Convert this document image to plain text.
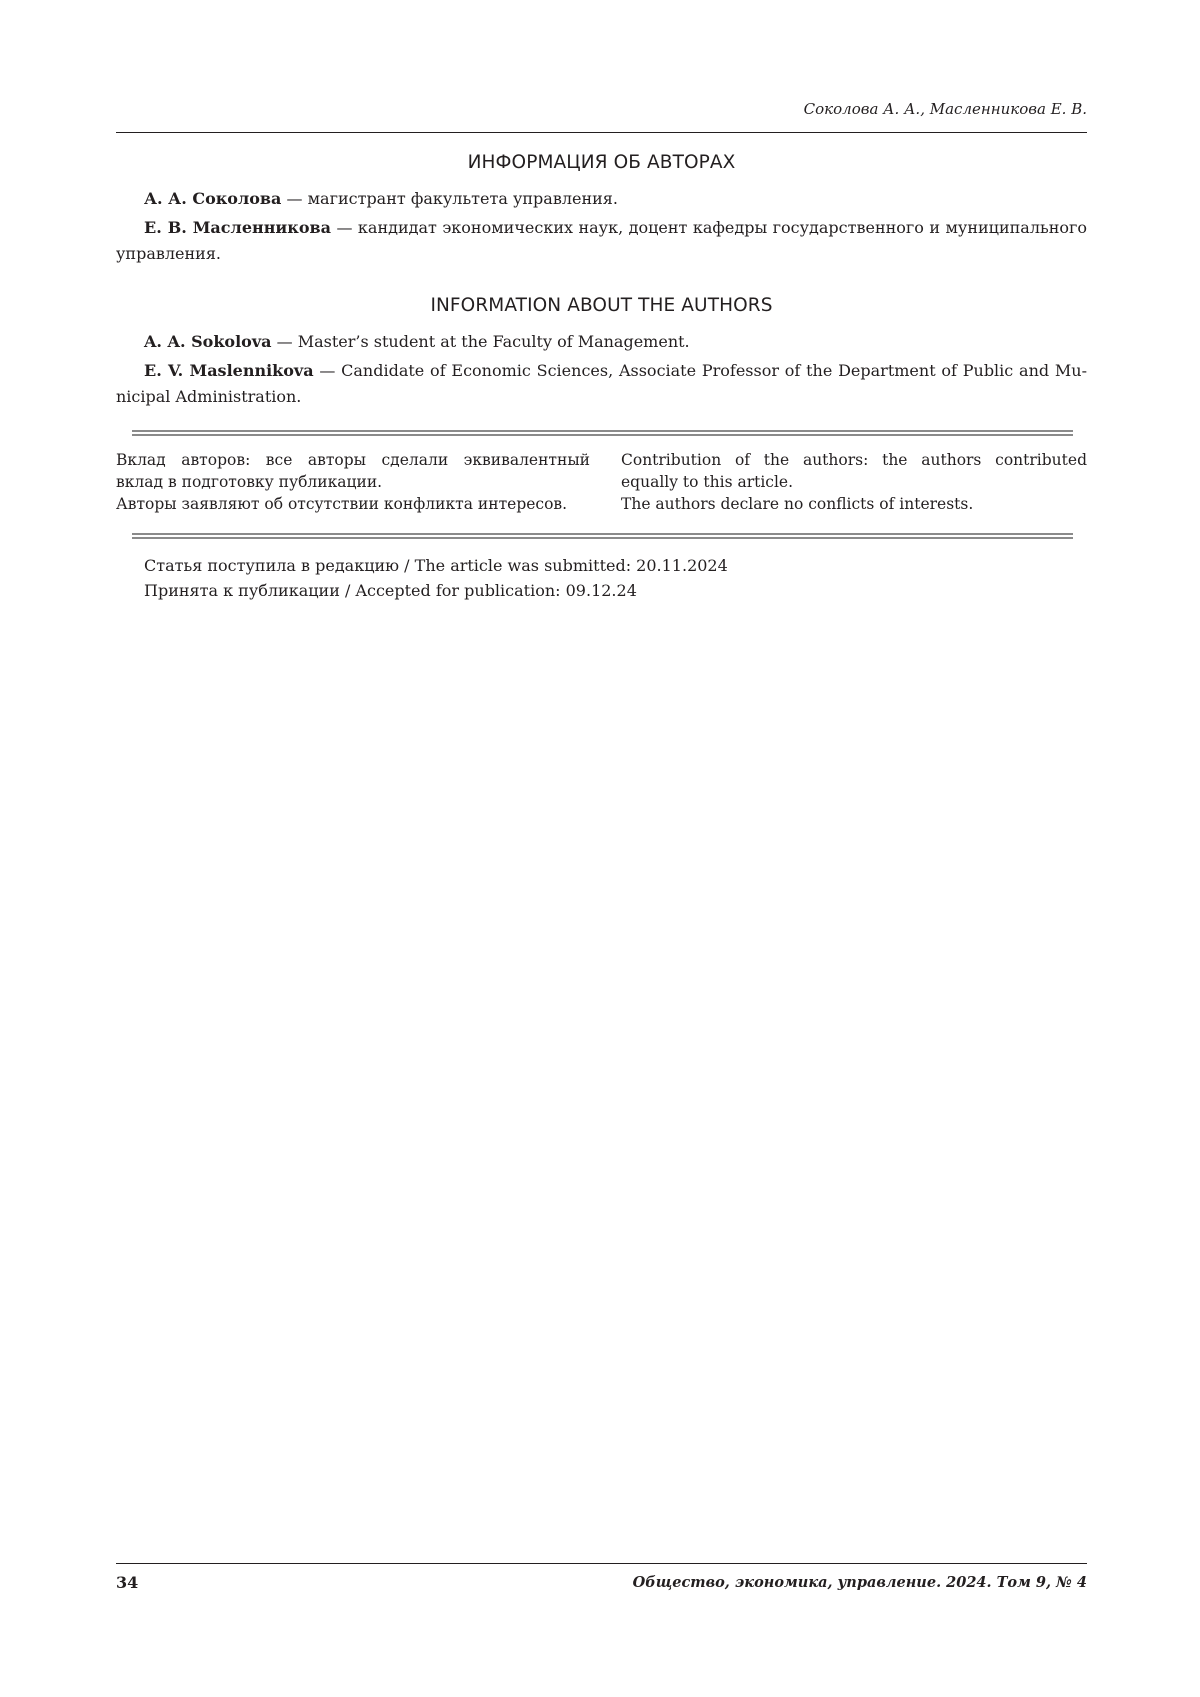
Соколова А. А., Масленникова Е. В.
ИНФОРМАЦИЯ ОБ АВТОРАХ
А. А. Соколова — магистрант факультета управления.
Е. В. Масленникова — кандидат экономических наук, доцент кафедры государственного и муниципального управления.
INFORMATION ABOUT THE AUTHORS
A. A. Sokolova — Master’s student at the Faculty of Management.
E. V. Maslennikova — Candidate of Economic Sciences, Associate Professor of the Department of Public and Mu-nicipal Administration.
Вклад авторов: все авторы сделали эквивалентный
вклад в подготовку публикации.
Авторы заявляют об отсутствии конфликта интересов.
Contribution of the authors: the authors contributed
equally to this article.
The authors declare no conflicts of interests.
Статья поступила в редакцию / The article was submitted: 20.11.2024
Принята к публикации / Accepted for publication: 09.12.24
34	Общество, экономика, управление. 2024. Том 9, № 4
